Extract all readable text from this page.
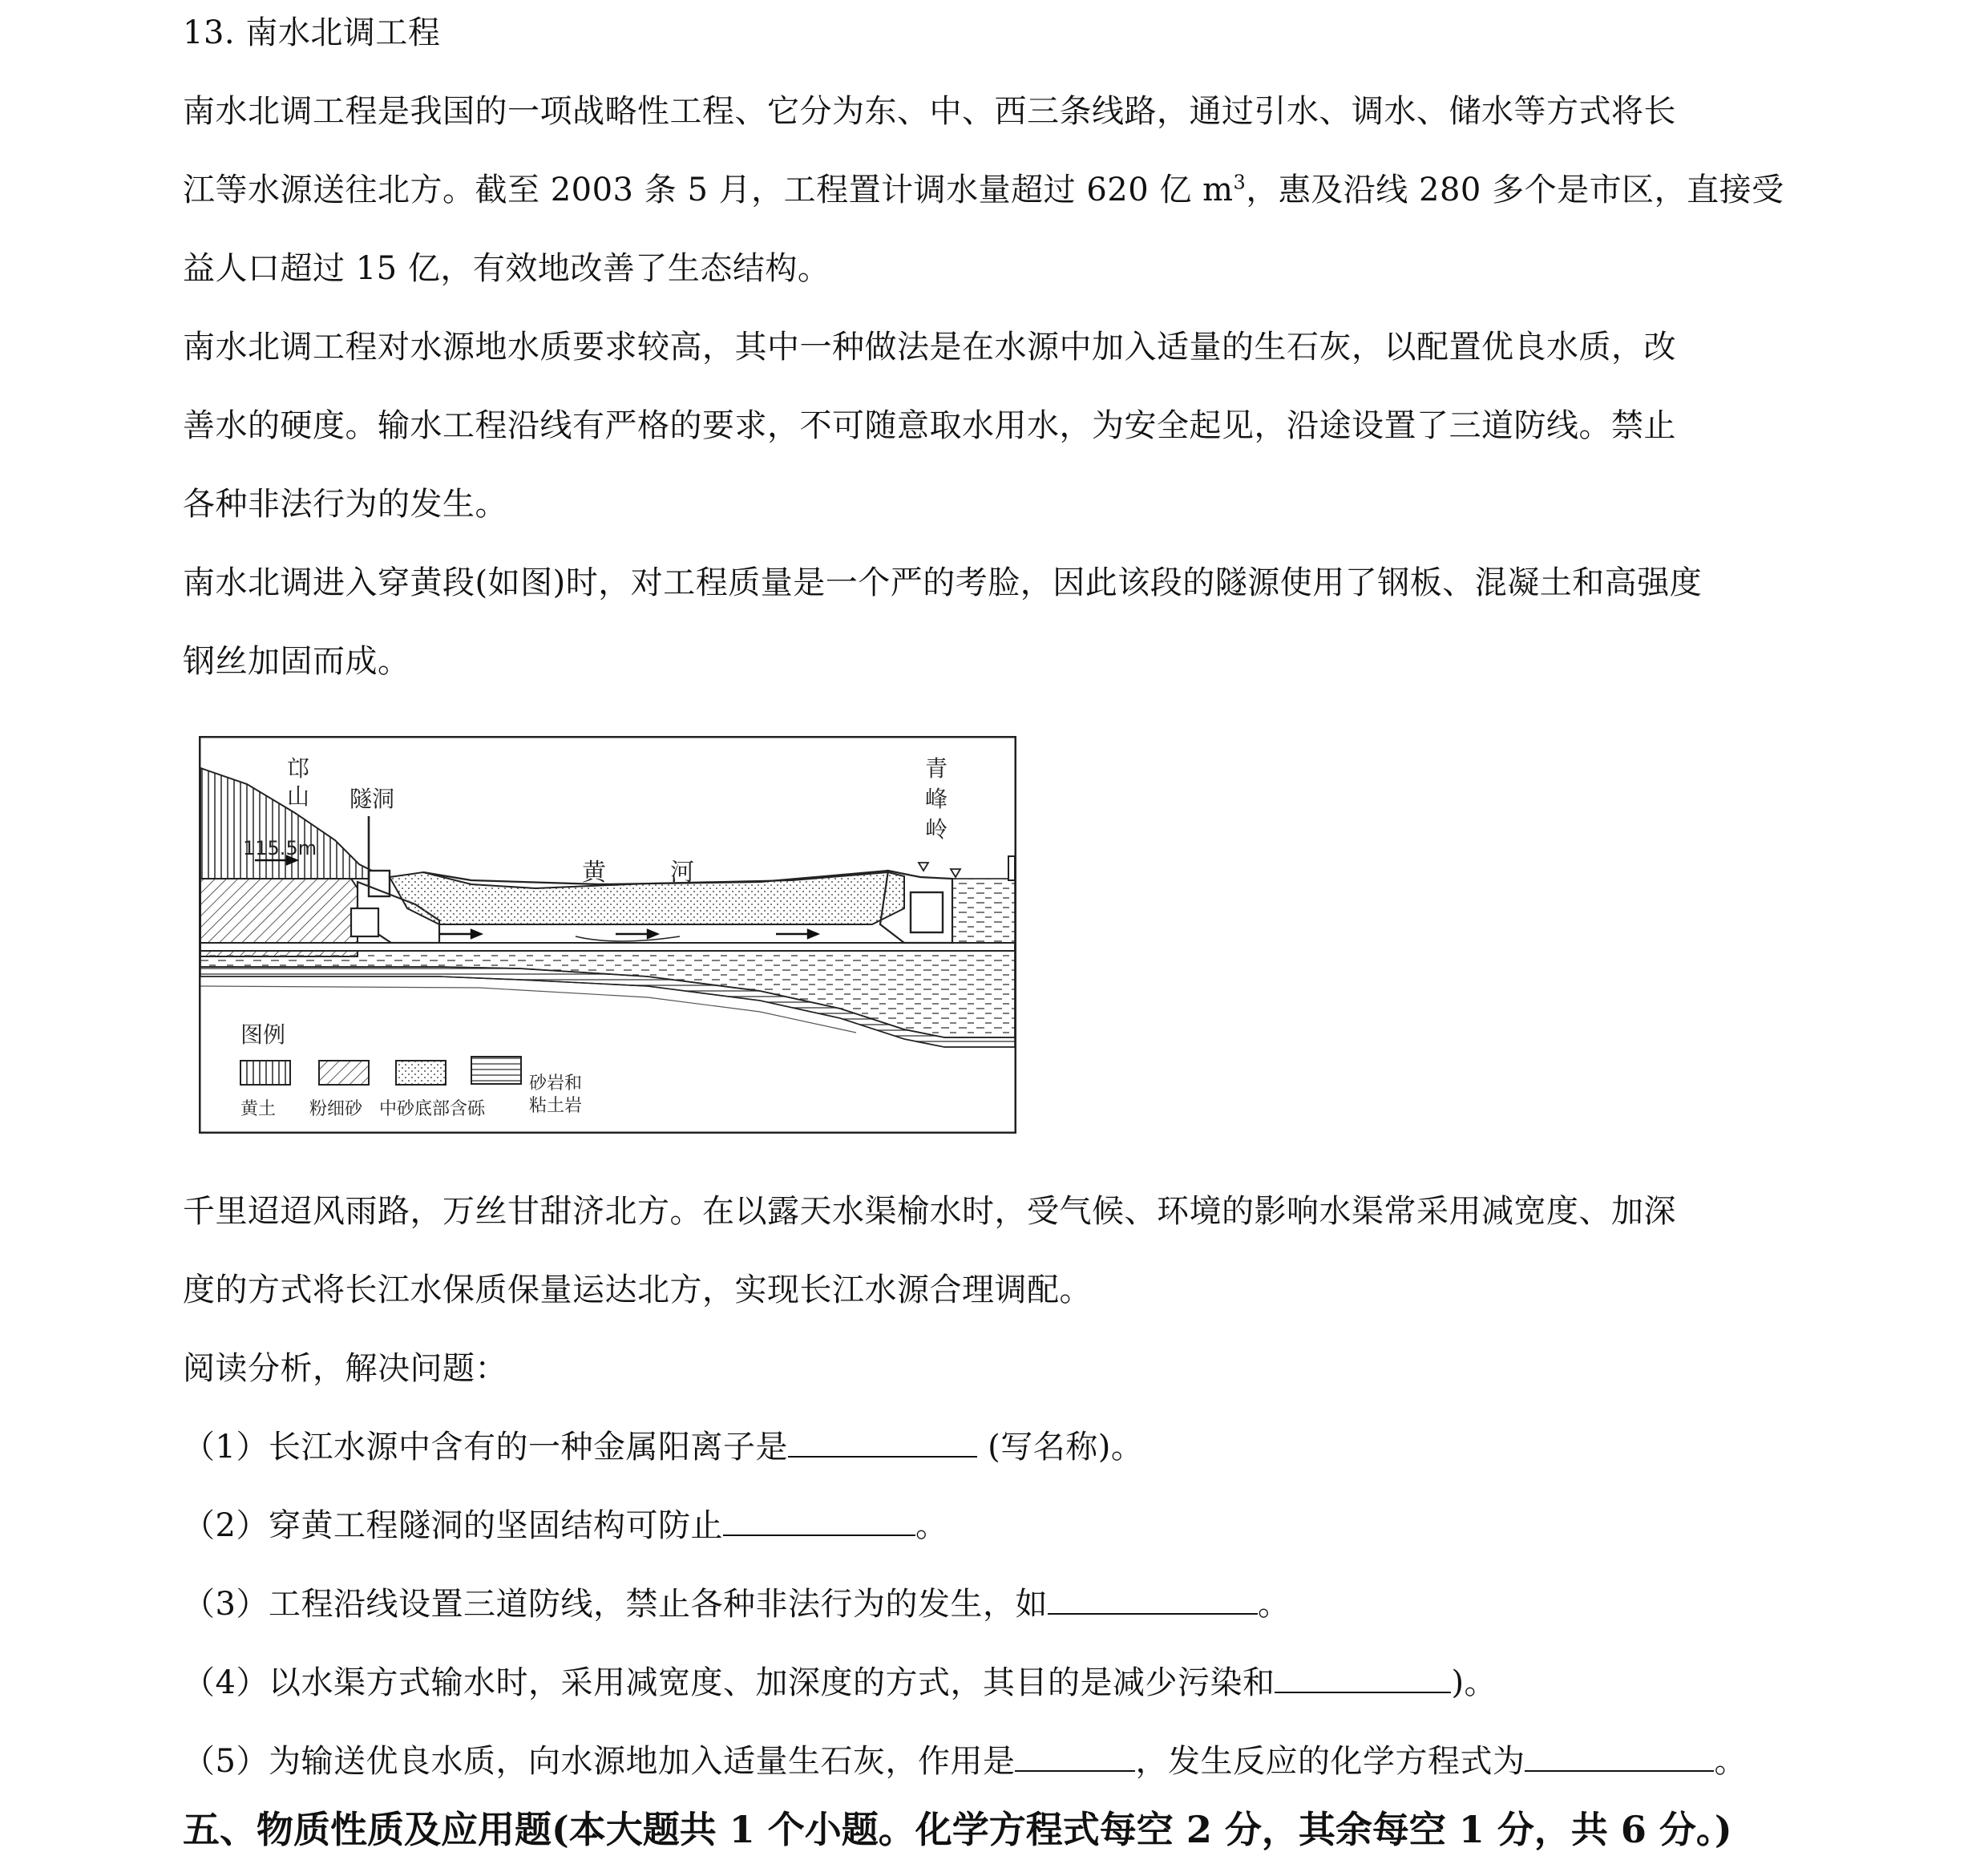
13. 南水北调工程
南水北调工程是我国的一项战略性工程、它分为东、中、西三条线路，通过引水、调水、储水等方式将长
江等水源送往北方。截至 2003 条 5 月，工程置计调水量超过 620 亿 $m^3$，惠及沿线 280 多个是市区，直接受
益人口超过 15 亿，有效地改善了生态结构。
南水北调工程对水源地水质要求较高，其中一种做法是在水源中加入适量的生石灰，以配置优良水质，改
善水的硬度。输水工程沿线有严格的要求，不可随意取水用水，为安全起见，沿途设置了三道防线。禁止
各种非法行为的发生。
南水北调进入穿黄段(如图)时，对工程质量是一个严的考脸，因此该段的隧源使用了钢板、混凝土和高强度
钢丝加固而成。
邙
山 隧洞
115.5m
青
峰
岭
黄	河
图例
黄土 粉细砂 中砂底部含砾
砂岩和
粘土岩
千里迢迢风雨路，万丝甘甜济北方。在以露天水渠榆水时，受气候、环境的影响水渠常采用减宽度、加深
度的方式将长江水保质保量运达北方，实现长江水源合理调配。
阅读分析，解决问题：
（1）长江水源中含有的一种金属阳离子是	(写名称)。
（2）穿黄工程隧洞的坚固结构可防止	。
（3）工程沿线设置三道防线，禁止各种非法行为的发生，如	。
（4）以水渠方式输水时，采用减宽度、加深度的方式，其目的是减少污染和	)。
（5）为输送优良水质，向水源地加入适量生石灰，作用是	，发生反应的化学方程式为	。
五、物质性质及应用题(本大题共 1 个小题。化学方程式每空 2 分，其余每空 1 分，共 6 分。)
